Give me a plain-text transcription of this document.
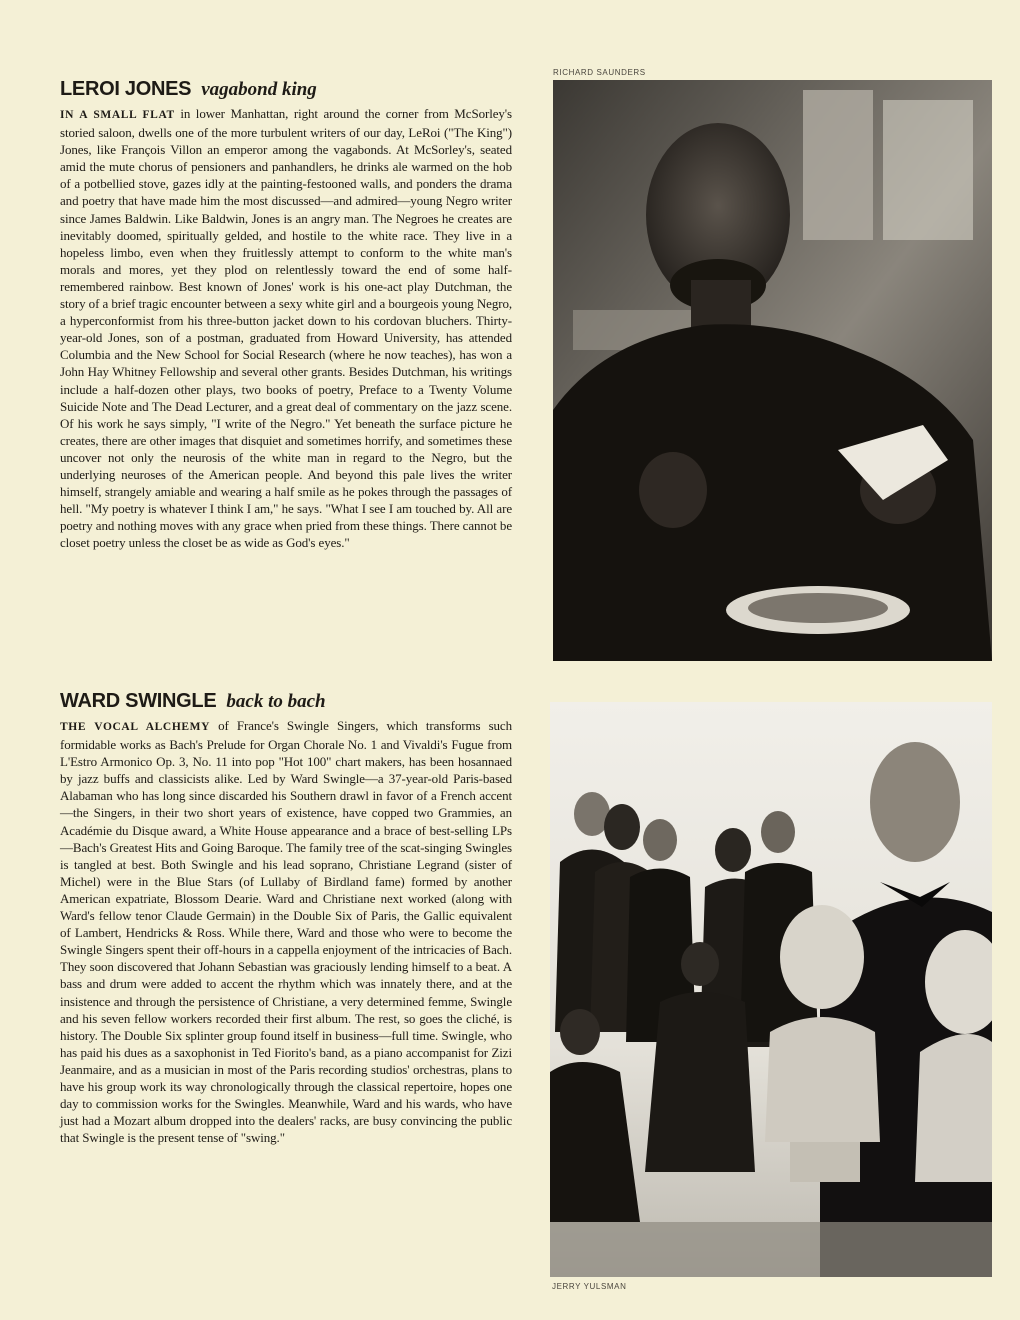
LEROI JONES vagabond king

IN A SMALL FLAT in lower Manhattan, right around the corner from McSorley's storied saloon, dwells one of the more turbulent writers of our day, LeRoi ("The King") Jones, like François Villon an emperor among the vagabonds. At McSorley's, seated amid the mute chorus of pensioners and panhandlers, he drinks ale warmed on the hob of a potbellied stove, gazes idly at the painting-festooned walls, and ponders the drama and poetry that have made him the most discussed—and admired—young Negro writer since James Baldwin. Like Baldwin, Jones is an angry man. The Negroes he creates are inevitably doomed, spiritually gelded, and hostile to the white race. They live in a hopeless limbo, even when they fruitlessly attempt to conform to the white man's morals and mores, yet they plod on relentlessly toward the end of some half-remembered rainbow. Best known of Jones' work is his one-act play Dutchman, the story of a brief tragic encounter between a sexy white girl and a bourgeois young Negro, a hyperconformist from his three-button jacket down to his cordovan bluchers. Thirty-year-old Jones, son of a postman, graduated from Howard University, has attended Columbia and the New School for Social Research (where he now teaches), has won a John Hay Whitney Fellowship and several other grants. Besides Dutchman, his writings include a half-dozen other plays, two books of poetry, Preface to a Twenty Volume Suicide Note and The Dead Lecturer, and a great deal of commentary on the jazz scene. Of his work he says simply, "I write of the Negro." Yet beneath the surface picture he creates, there are other images that disquiet and sometimes horrify, and sometimes these uncover not only the neurosis of the white man in regard to the Negro, but the underlying neuroses of the American people. And beyond this pale lives the writer himself, strangely amiable and wearing a half smile as he pokes through the passages of hell. "My poetry is whatever I think I am," he says. "What I see I am touched by. All are poetry and nothing moves with any grace when pried from these things. There cannot be closet poetry unless the closet be as wide as God's eyes."

RICHARD SAUNDERS
WARD SWINGLE back to bach

THE VOCAL ALCHEMY of France's Swingle Singers, which transforms such formidable works as Bach's Prelude for Organ Chorale No. 1 and Vivaldi's Fugue from L'Estro Armonico Op. 3, No. 11 into pop "Hot 100" chart makers, has been hosannaed by jazz buffs and classicists alike. Led by Ward Swingle—a 37-year-old Paris-based Alabaman who has long since discarded his Southern drawl in favor of a French accent—the Singers, in their two short years of existence, have copped two Grammies, an Académie du Disque award, a White House appearance and a brace of best-selling LPs—Bach's Greatest Hits and Going Baroque. The family tree of the scat-singing Swingles is tangled at best. Both Swingle and his lead soprano, Christiane Legrand (sister of Michel) were in the Blue Stars (of Lullaby of Birdland fame) formed by another American expatriate, Blossom Dearie. Ward and Christiane next worked (along with Ward's fellow tenor Claude Germain) in the Double Six of Paris, the Gallic equivalent of Lambert, Hendricks & Ross. While there, Ward and those who were to become the Swingle Singers spent their off-hours in a cappella enjoyment of the intricacies of Bach. They soon discovered that Johann Sebastian was graciously lending himself to a beat. A bass and drum were added to accent the rhythm which was innately there, and at the insistence and through the persistence of Christiane, a very determined femme, Swingle and his seven fellow workers recorded their first album. The rest, so goes the cliché, is history. The Double Six splinter group found itself in business—full time. Swingle, who has paid his dues as a saxophonist in Ted Fiorito's band, as a piano accompanist for Zizi Jeanmaire, and as a musician in most of the Paris recording studios' orchestras, plans to have his group work its way chronologically through the classical repertoire, hopes one day to commission works for the Swingles. Meanwhile, Ward and his wards, who have just had a Mozart album dropped into the dealers' racks, are busy convincing the public that Swingle is the present tense of "swing."

JERRY YULSMAN
